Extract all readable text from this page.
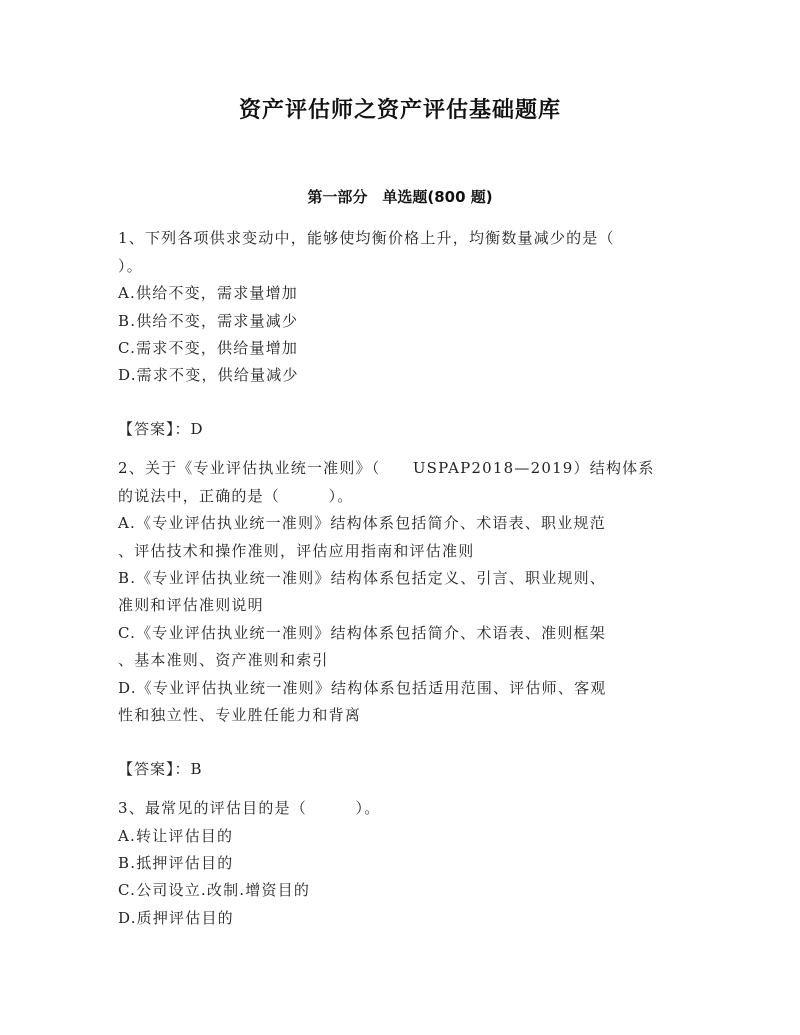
资产评估师之资产评估基础题库
第一部分　单选题(800 题)
1、下列各项供求变动中，能够使均衡价格上升，均衡数量减少的是（
）。
A.供给不变，需求量增加
B.供给不变，需求量减少
C.需求不变，供给量增加
D.需求不变，供给量减少
【答案】：D
2、关于《专业评估执业统一准则》（　　USPAP2018—2019）结构体系
的说法中，正确的是（　　　）。
A.《专业评估执业统一准则》结构体系包括简介、术语表、职业规范
、评估技术和操作准则，评估应用指南和评估准则
B.《专业评估执业统一准则》结构体系包括定义、引言、职业规则、
准则和评估准则说明
C.《专业评估执业统一准则》结构体系包括简介、术语表、准则框架
、基本准则、资产准则和索引
D.《专业评估执业统一准则》结构体系包括适用范围、评估师、客观
性和独立性、专业胜任能力和背离
【答案】：B
3、最常见的评估目的是（　　　）。
A.转让评估目的
B.抵押评估目的
C.公司设立.改制.增资目的
D.质押评估目的
